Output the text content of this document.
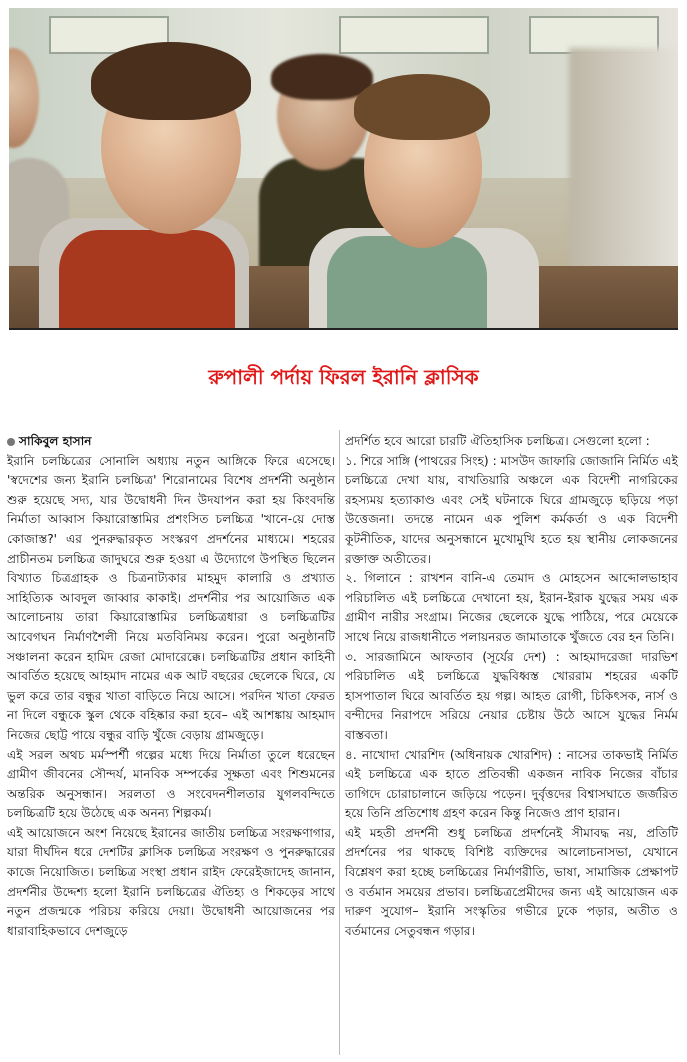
রুপালী পর্দায় ফিরল ইরানি ক্লাসিক
সাকিবুল হাসান

ইরানি চলচ্চিত্রের সোনালি অধ্যায় নতুন আঙ্গিকে ফিরে এসেছে। 'স্বদেশের জন্য ইরানি চলচ্চিত্র' শিরোনামের বিশেষ প্রদর্শনী অনুষ্ঠান শুরু হয়েছে সদ্য, যার উদ্বোধনী দিন উদযাপন করা হয় কিংবদন্তি নির্মাতা আব্বাস কিয়ারোস্তামির প্রশংসিত চলচ্চিত্র 'খানে-য়ে দোস্ত কোজাস্ত?' এর পুনরুদ্ধারকৃত সংস্করণ প্রদর্শনের মাধ্যমে। শহরের প্রাচীনতম চলচ্চিত্র জাদুঘরে শুরু হওয়া এ উদ্যোগে উপস্থিত ছিলেন বিখ্যাত চিত্রগ্রাহক ও চিত্রনাট্যকার মাহমুদ কালারি ও প্রখ্যাত সাহিত্যিক আবদুল জাব্বার কাকাই। প্রদর্শনীর পর আয়োজিত এক আলোচনায় তারা কিয়ারোস্তামির চলচ্চিত্রধারা ও চলচ্চিত্রটির আবেগঘন নির্মাণশৈলী নিয়ে মতবিনিময় করেন। পুরো অনুষ্ঠানটি সঞ্চালনা করেন হামিদ রেজা মোদারেক্কে। চলচ্চিত্রটির প্রধান কাহিনী আবর্তিত হয়েছে আহমাদ নামের এক আট বছরের ছেলেকে ঘিরে, যে ভুল করে তার বন্ধুর খাতা বাড়িতে নিয়ে আসে। পরদিন খাতা ফেরত না দিলে বন্ধুকে স্কুল থেকে বহিষ্কার করা হবে– এই আশঙ্কায় আহমাদ নিজের ছোট্ট পায়ে বন্ধুর বাড়ি খুঁজে বেড়ায় গ্রামজুড়ে।

এই সরল অথচ মর্মস্পর্শী গল্পের মধ্যে দিয়ে নির্মাতা তুলে ধরেছেন গ্রামীণ জীবনের সৌন্দর্য, মানবিক সম্পর্কের সূক্ষতা এবং শিশুমনের অন্তরিক অনুসন্ধান। সরলতা ও সংবেদনশীলতার যুগলবন্দিতে চলচ্চিত্রটি হয়ে উঠেছে এক অনন্য শিল্পকর্ম।

এই আয়োজনে অংশ নিয়েছে ইরানের জাতীয় চলচ্চিত্র সংরক্ষণাগার, যারা দীর্ঘদিন ধরে দেশটির ক্লাসিক চলচ্চিত্র সংরক্ষণ ও পুনরুদ্ধারের কাজে নিয়োজিত। চলচ্চিত্র সংস্থা প্রধান রাইদ ফেরেইজাদেহ জানান, প্রদর্শনীর উদ্দেশ্য হলো ইরানি চলচ্চিত্রের ঐতিহ্য ও শিকড়ের সাথে নতুন প্রজন্মকে পরিচয় করিয়ে দেয়া। উদ্বোধনী আয়োজনের পর ধারাবাহিকভাবে দেশজুড়ে

প্রদর্শিত হবে আরো চারটি ঐতিহাসিক চলচ্চিত্র। সেগুলো হলো :

১. শিরে সাঙ্গি (পাথরের সিংহ) : মাসউদ জাফারি জোজানি নির্মিত এই চলচ্চিত্রে দেখা যায়, বাখতিয়ারি অঞ্চলে এক বিদেশী নাগরিকের রহস্যময় হত্যাকাণ্ড এবং সেই ঘটনাকে ঘিরে গ্রামজুড়ে ছড়িয়ে পড়া উত্তেজনা। তদন্তে নামেন এক পুলিশ কর্মকর্তা ও এক বিদেশী কূটনীতিক, যাদের অনুসন্ধানে মুখোমুখি হতে হয় স্থানীয় লোকজনের রক্তাক্ত অতীতের।

২. গিলানে : রাখশন বানি-এ তেমাদ ও মোহসেন আব্দোলভাহাব পরিচালিত এই চলচ্চিত্রে দেখানো হয়, ইরান-ইরাক যুদ্ধের সময় এক গ্রামীণ নারীর সংগ্রাম। নিজের ছেলেকে যুদ্ধে পাঠিয়ে, পরে মেয়েকে সাথে নিয়ে রাজধানীতে পলায়নরত জামাতাকে খুঁজতে বের হন তিনি।

৩. সারজামিনে আফতাব (সূর্যের দেশ) : আহমাদরেজা দারভিশ পরিচালিত এই চলচ্চিত্রে যুদ্ধবিধ্বস্ত খোররাম শহরের একটি হাসপাতাল ঘিরে আবর্তিত হয় গল্প। আহত রোগী, চিকিৎসক, নার্স ও বন্দীদের নিরাপদে সরিয়ে নেয়ার চেষ্টায় উঠে আসে যুদ্ধের নির্মম বাস্তবতা।

৪. নাখোদা খোরশিদ (অধিনায়ক খোরশিদ) : নাসের তাকভাই নির্মিত এই চলচ্চিত্রে এক হাতে প্রতিবন্ধী একজন নাবিক নিজের বাঁচার তাগিদে চোরাচালানে জড়িয়ে পড়েন। দুর্বৃত্তদের বিশ্বাসঘাতে জর্জরিত হয়ে তিনি প্রতিশোধ গ্রহণ করেন কিন্তু নিজেও প্রাণ হারান।

এই মহতী প্রদর্শনী শুধু চলচ্চিত্র প্রদর্শনেই সীমাবদ্ধ নয়, প্রতিটি প্রদর্শনের পর থাকছে বিশিষ্ট ব্যক্তিদের আলোচনাসভা, যেখানে বিশ্লেষণ করা হচ্ছে চলচ্চিত্রের নির্মাণরীতি, ভাষা, সামাজিক প্রেক্ষাপট ও বর্তমান সময়ের প্রভাব। চলচ্চিত্রপ্রেমীদের জন্য এই আয়োজন এক দারুণ সুযোগ– ইরানি সংস্কৃতির গভীরে ঢুকে পড়ার, অতীত ও বর্তমানের সেতুবন্ধন গড়ার।
